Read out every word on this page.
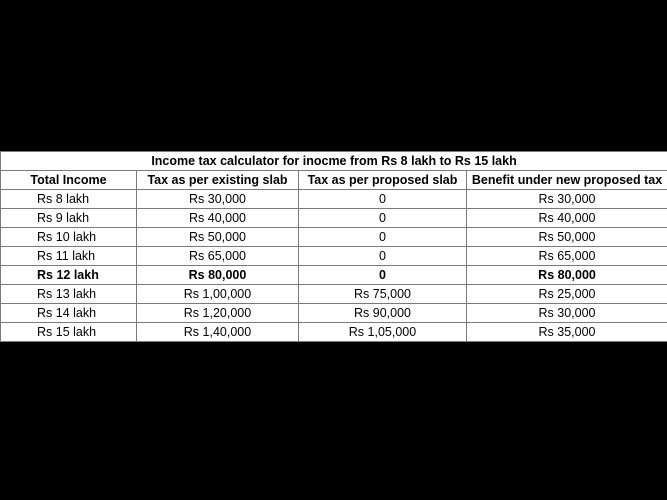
Income tax calculator for inocme from Rs 8 lakh to Rs 15 lakh			
Total Income	Tax as per existing slab	Tax as per proposed slab	Benefit under new proposed tax
Rs 8 lakh	Rs 30,000	0	Rs 30,000
Rs 9 lakh	Rs 40,000	0	Rs 40,000
Rs 10 lakh	Rs 50,000	0	Rs 50,000
Rs 11 lakh	Rs 65,000	0	Rs 65,000
Rs 12 lakh	Rs 80,000	0	Rs 80,000
Rs 13 lakh	Rs 1,00,000	Rs 75,000	Rs 25,000
Rs 14 lakh	Rs 1,20,000	Rs 90,000	Rs 30,000
Rs 15 lakh	Rs 1,40,000	Rs 1,05,000	Rs 35,000
